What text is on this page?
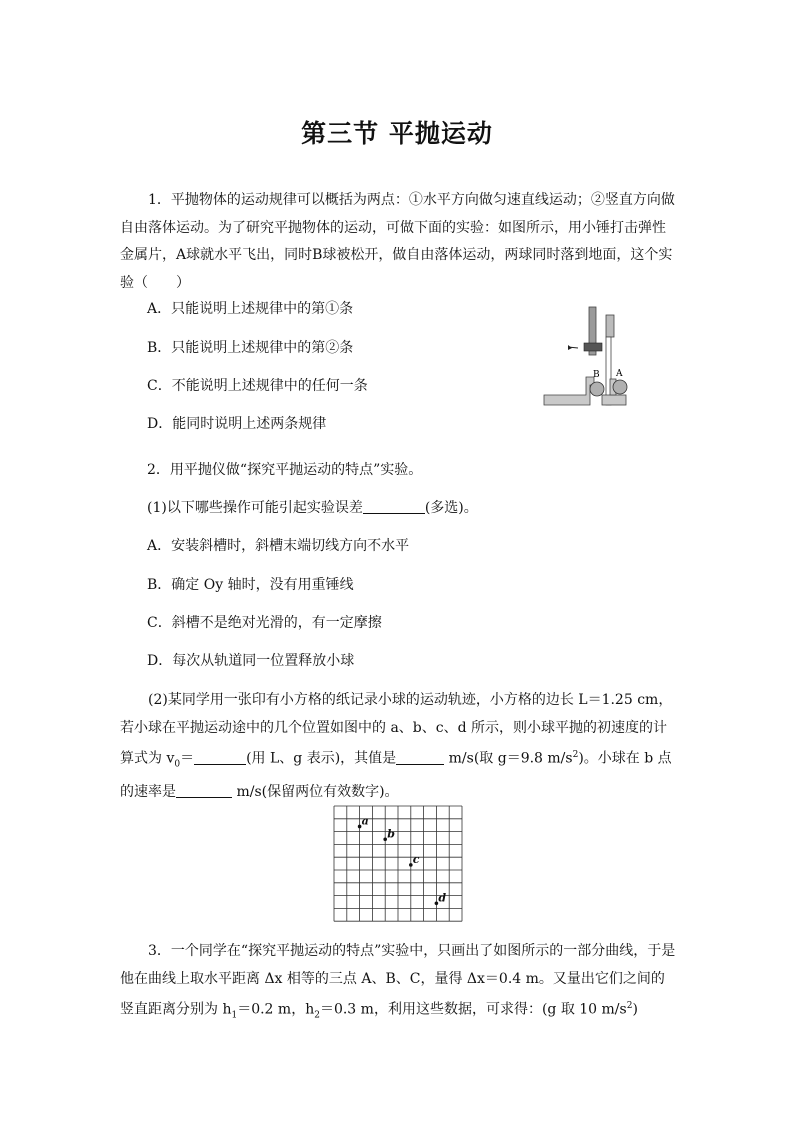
第三节 平抛运动
1．平抛物体的运动规律可以概括为两点：①水平方向做匀速直线运动；②竖直方向做自由落体运动。为了研究平抛物体的运动，可做下面的实验：如图所示，用小锤打击弹性金属片，A球就水平飞出，同时B球被松开，做自由落体运动，两球同时落到地面，这个实验（　　）
A．只能说明上述规律中的第①条
B．只能说明上述规律中的第②条
C．不能说明上述规律中的任何一条
D．能同时说明上述两条规律
B A
2．用平抛仪做“探究平抛运动的特点”实验。
(1)以下哪些操作可能引起实验误差	(多选)。
A．安装斜槽时，斜槽末端切线方向不水平
B．确定 Oy 轴时，没有用重锤线
C．斜槽不是绝对光滑的，有一定摩擦
D．每次从轨道同一位置释放小球
(2)某同学用一张印有小方格的纸记录小球的运动轨迹，小方格的边长 L＝1.25 cm，若小球在平抛运动途中的几个位置如图中的 a、b、c、d 所示，则小球平抛的初速度的计算式为 $v_0=$	(用 L、g 表示)，其值是	m/s(取 g＝9.8 $m/s^2$)。小球在 b 点的速率是	m/s(保留两位有效数字)。
a
b
c
d
3．一个同学在“探究平抛运动的特点”实验中，只画出了如图所示的一部分曲线，于是他在曲线上取水平距离 Δx 相等的三点 A、B、C，量得 Δx＝0.4 m。又量出它们之间的竖直距离分别为 $h_1=0.2$ m，$h_2=0.3$ m，利用这些数据，可求得：(g 取 10 $m/s^2$)
